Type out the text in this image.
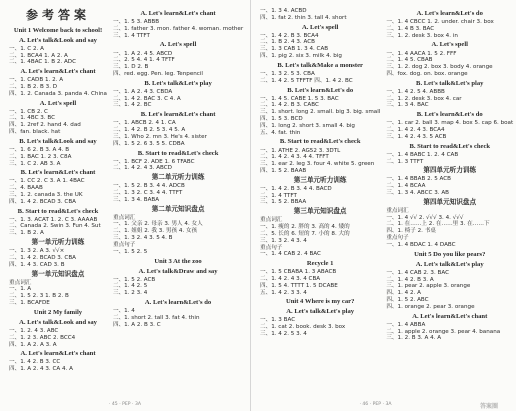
参考答案
Unit 1 Welcome back to school!
A. Let's talk&Look and say
一、1. C 2. A
二、1. BCA4 1. A 2. A
二、1. 4BAC 1. B 2. ADC
A. Let's learn&Let's chant
一、1. CADB 1. 2. A
二、1. B 2. B 3. D
四、1. 2. Canada 3. panda 4. China
A. Let's spell
一、1. CB 2. C
二、1. 4BC 3. BC
四、1. 2ref 2. hand 4. dad
四、fan. black. hat
B. Let's talk&Look and say
一、1. 6 2. B 3. A 4. B
二、1. BAC 1. 2 3. C8A
三、1. C 2. AB 3. A
B. Let's learn&Let's chant
一、1. CC 2. C 3. A 1. 4BAC
二、4. BAAB
三、1. 2. canada 3. the UK
四、1. 4 2. BCAD 3. CBA
B. Start to read&Let's check
一、1. 3. ACAT 1. 2. C 3. AAAAB
二、Canada 2. Swin 3. Fun 4. Sut
三、1. B 2. A
第一单元听力训练
一、1. 3 2. A 3. √√×
二、1. 4 2. BCAD 3. CBA
四、1. 4 3. CAD 3. B
第一单元知识盘点
重点词汇
一、1. A
二、1. 5 2. 3 1. B 2. B
三、1. BCAFDE
Unit 2 My family
A. Let's talk&Look and say
一、1. 2. 4 3. ABC
二、1. 2 3. ABC 2. BCC4
四、1. A 2. A 3. A
A. Let's learn&Let's chant
一、1. 4 2. B 3. CC
四、1. A 2. 4 3. CA 4. A
A. Let's learn&Let's chant
一、1. 5 3. ABBB
二、1. father 3. mon. father 4. woman. mother
三、1. 4 TTFT
A. Let's spell
一、1. A 2. 4 5. ABCD
二、2. 5 4. 4 1. 4 TFTF
三、1. D 2. B
四、red. egg. Pen. leg. Tenpencil
B. Let's talk&Let's play
一、1. A 2. 4 3. CBDA
二、1. 4 2. BAC 3. C 4. A
三、1. 4 2. BC
B. Let's learn&Let's chant
一、1. ABCB 2. 4 1. CA
二、1. 4 2. B 2. 5 3. 4 5. A
三、1. Who 2. mn 3. He's 4. sister
四、1. 5 2. 6 3. 5 5. CDBA
B. Start to read&Let's check
一、1. BCF 2. ADE 1. 6 TFABC
二、1. 4 2. 4 3. ABCD
第二单元听力训练
一、1. 5 2. B 3. 4 4. ADCB
二、1. 3 2. C 3. 4 4. TTFT
三、1. 3 4. BABA
第二单元知识盘点
重点词汇
一、1. 父亲 2. 母亲 3. 男人 4. 女人
二、1. 姐姐 2. 我 3. 男孩 4. 女孩
三、1. 3 2. 4 3. 5 4. B
重点句子
一、1. 5 2. 5
Unit 3 At the zoo
A. Let's talk&Draw and say
一、1. 5 2. ACB
二、1. 4 2. 5
三、1. 2 3. 4
A. Let's learn&Let's do
一、1. 4
二、1. short 2. tall 3. fat 4. thin
四、1. A 2. B 3. C
· 45 · PEP · 3A
一、1. 3 4. ACBD
四、1. fat 2. thin 3. tall 4. short
A. Let's spell
一、1. 4 2. B 3. BCA4
二、1. B 2. 4 3. ACB
三、1. 3 CAB 1. 3 4. CAB
四、1. pig 2. six 3. milk 4. big
B. Let's talk&Make a monster
一、1. 3 2. 5 3. CBA
二、1. 4 2. 5 TFFTF 四、1. 4 2. BC
B. Let's learn&Let's do
一、1. 4 5. CABE 1. 5 3. BAC
二、1. 4 2. B 3. CABC
三、1. short. long 2. small. big 3. big. small
四、1. 5 3. BCD
四、1. long 2. short 3. small 4. big
五、4. fat. thin
B. Start to read&Let's check
一、1. ATHE 2. AG52 3. 3DTL
二、1. 4 2. 4 3. 4 4. TFFT
三、1. ear 2. leg 3. four 4. white 5. green
四、1. 5 2. BAAB
第三单元听力训练
一、1. 4 2. B 3. 4 4. BACD
二、1. 4 TTFT
三、1. 5 2. BBAA
第三单元知识盘点
重点词汇
一、1. 瘦的 2. 胖的 3. 高的 4. 矮的
二、5. 长的 6. 短的 7. 小的 8. 大的
三、1. 3 2. 4 3. 4
重点句子
一、1. 4 CAB 2. 4 BAC
Recycle 1
一、1. 5 CBABA 1. 3 ABACB
二、1. 4 2. 4 3. 4 CBA
四、1. 5 4. TTTT 1. 5 DCABE
五、1. 4 2. 3 3. 4
Unit 4 Where is my car?
A. Let's talk&Let's play
一、1. 3 BAC
二、1. cat 2. book. desk 3. box
三、1. 4 2. 5 3. 4
A. Let's learn&Let's do
一、1. 4 CBCC 1. 2. under. chair 3. box
二、1. 4 B 3. BAC
三、1. 2. desk 3. box 4. in
A. Let's spell
一、1. 4 AACA 1. 5 2. FFF
二、1. 4 5. CBAB
三、1. 2. dog 2. box 3. body 4. orange
四、fox. dog. on. box. orange
B. Let's talk&Let's play
一、1. 4 2. 5 4. ABBB
二、1. 2. desk 3. box 4. car
三、1. 3 4. BAC
B. Let's learn&Let's do
一、1. car 2. ball 3. map 4. box 5. cap 6. boat
二、1. 4 2. 4 3. BCA4
三、1. 4 2. 4 3. 5 ACB
B. Start to read&Let's check
一、1. 4 BABC 1. 2. 4 CAB
二、1. 3 TTFT
第四单元听力训练
一、1. 4 BBAB 2. 5 ACB
二、1. 4 BCAA
三、1. 3 4. ABCC 3. AB
第四单元知识盘点
重点词汇
一、1. 4 √√ 2. √√√ 3. 4. √√√
二、1. 在……上 2. 在……里 3. 在……下
四、1. 椅子 2. 书桌
重点句子
一、1. 4 BDAC 1. 4 DABC
Unit 5 Do you like pears?
A. Let's talk&Let's play
一、1. 4 CAB 2. 3. BAC
二、1. 4 2. B 3. A
三、1. pear 2. apple 3. orange
四、1. 4 2. A
四、1. 5 2. ABC
四、1. orange 2. pear 3. orange
A. Let's learn&Let's chant
一、1. 4 ABBA
二、1. apple 2. orange 3. pear 4. banana
三、1. 2. B 3. A 4. A
· 46 · PEP · 3A	答案圈
